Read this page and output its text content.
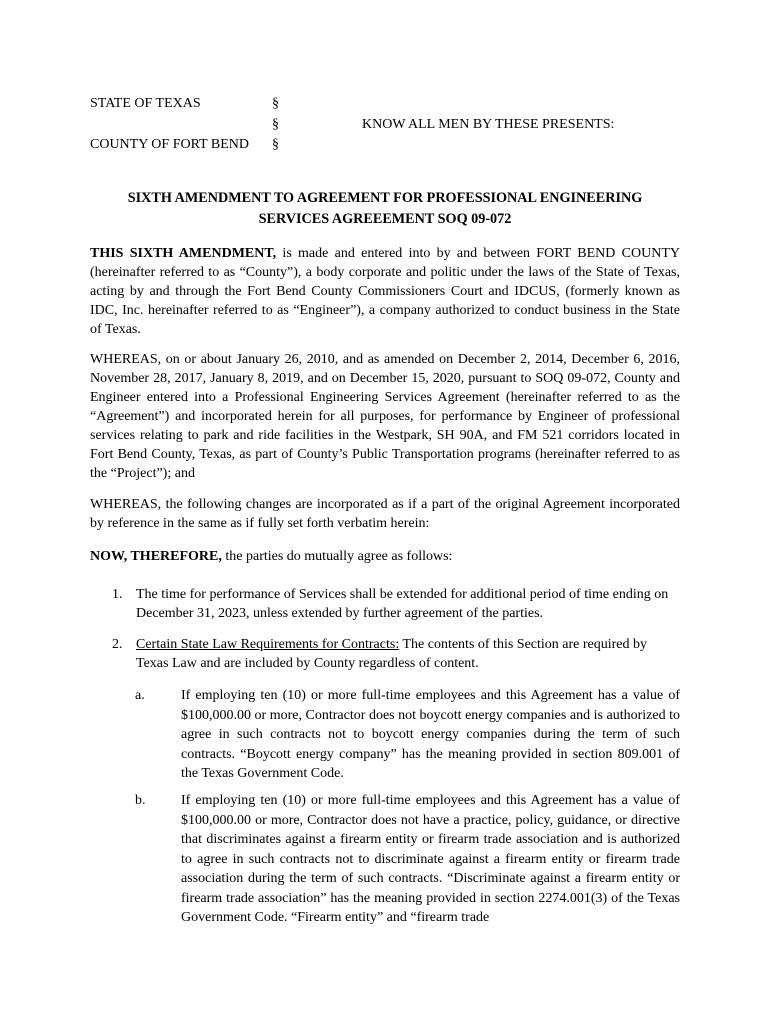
STATE OF TEXAS
COUNTY OF FORT BEND
§
§
§
KNOW ALL MEN BY THESE PRESENTS:
SIXTH AMENDMENT TO AGREEMENT FOR PROFESSIONAL ENGINEERING
SERVICES AGREEEMENT SOQ 09-072
THIS SIXTH AMENDMENT, is made and entered into by and between FORT BEND COUNTY (hereinafter referred to as “County”), a body corporate and politic under the laws of the State of Texas, acting by and through the Fort Bend County Commissioners Court and IDCUS, (formerly known as IDC, Inc. hereinafter referred to as “Engineer”), a company authorized to conduct business in the State of Texas.
WHEREAS, on or about January 26, 2010, and as amended on December 2, 2014, December 6, 2016, November 28, 2017, January 8, 2019, and on December 15, 2020, pursuant to SOQ 09-072, County and Engineer entered into a Professional Engineering Services Agreement (hereinafter referred to as the “Agreement”) and incorporated herein for all purposes, for performance by Engineer of professional services relating to park and ride facilities in the Westpark, SH 90A, and FM 521 corridors located in Fort Bend County, Texas, as part of County’s Public Transportation programs (hereinafter referred to as the “Project”); and
WHEREAS, the following changes are incorporated as if a part of the original Agreement incorporated by reference in the same as if fully set forth verbatim herein:
NOW, THEREFORE, the parties do mutually agree as follows:
1. The time for performance of Services shall be extended for additional period of time ending on December 31, 2023, unless extended by further agreement of the parties.
2. Certain State Law Requirements for Contracts: The contents of this Section are required by Texas Law and are included by County regardless of content.
a.	If employing ten (10) or more full-time employees and this Agreement has a value of $100,000.00 or more, Contractor does not boycott energy companies and is authorized to agree in such contracts not to boycott energy companies during the term of such contracts. “Boycott energy company” has the meaning provided in section 809.001 of the Texas Government Code.
b.	If employing ten (10) or more full-time employees and this Agreement has a value of $100,000.00 or more, Contractor does not have a practice, policy, guidance, or directive that discriminates against a firearm entity or firearm trade association and is authorized to agree in such contracts not to discriminate against a firearm entity or firearm trade association during the term of such contracts. “Discriminate against a firearm entity or firearm trade association” has the meaning provided in section 2274.001(3) of the Texas Government Code. “Firearm entity” and “firearm trade
